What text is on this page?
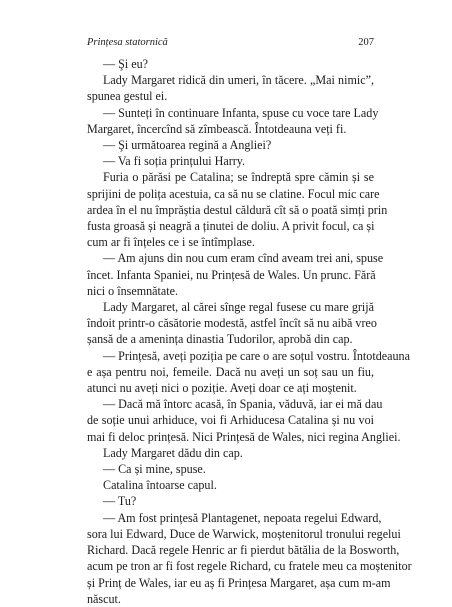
Prințesa statornică	207
— Şi eu?
Lady Margaret ridică din umeri, în tăcere. „Mai nimic”,
spunea gestul ei.
— Sunteți în continuare Infanta, spuse cu voce tare Lady
Margaret, încercînd să zîmbească. Întotdeauna veți fi.
— Şi următoarea regină a Angliei?
— Va fi soția prințului Harry.
Furia o părăsi pe Catalina; se îndreptă spre cămin și se
sprijini de polița acestuia, ca să nu se clatine. Focul mic care
ardea în el nu împrăștia destul căldură cît să o poată simți prin
fusta groasă și neagră a ținutei de doliu. A privit focul, ca și
cum ar fi înțeles ce i se întîmplase.
— Am ajuns din nou cum eram cînd aveam trei ani, spuse
încet. Infanta Spaniei, nu Prințesă de Wales. Un prunc. Fără
nici o însemnătate.
Lady Margaret, al cărei sînge regal fusese cu mare grijă
îndoit printr-o căsătorie modestă, astfel încît să nu aibă vreo
șansă de a amenința dinastia Tudorilor, aprobă din cap.
— Prințesă, aveți poziția pe care o are soțul vostru. Întotdeauna
e așa pentru noi, femeile. Dacă nu aveți un soț sau un fiu,
atunci nu aveți nici o poziție. Aveți doar ce ați moștenit.
— Dacă mă întorc acasă, în Spania, văduvă, iar ei mă dau
de soție unui arhiduce, voi fi Arhiducesa Catalina și nu voi
mai fi deloc prințesă. Nici Prințesă de Wales, nici regina Angliei.
Lady Margaret dădu din cap.
— Ca și mine, spuse.
Catalina întoarse capul.
— Tu?
— Am fost prințesă Plantagenet, nepoata regelui Edward,
sora lui Edward, Duce de Warwick, moștenitorul tronului regelui
Richard. Dacă regele Henric ar fi pierdut bătălia de la Bosworth,
acum pe tron ar fi fost regele Richard, cu fratele meu ca moștenitor
și Prinț de Wales, iar eu aș fi Prințesa Margaret, așa cum m-am
născut.
